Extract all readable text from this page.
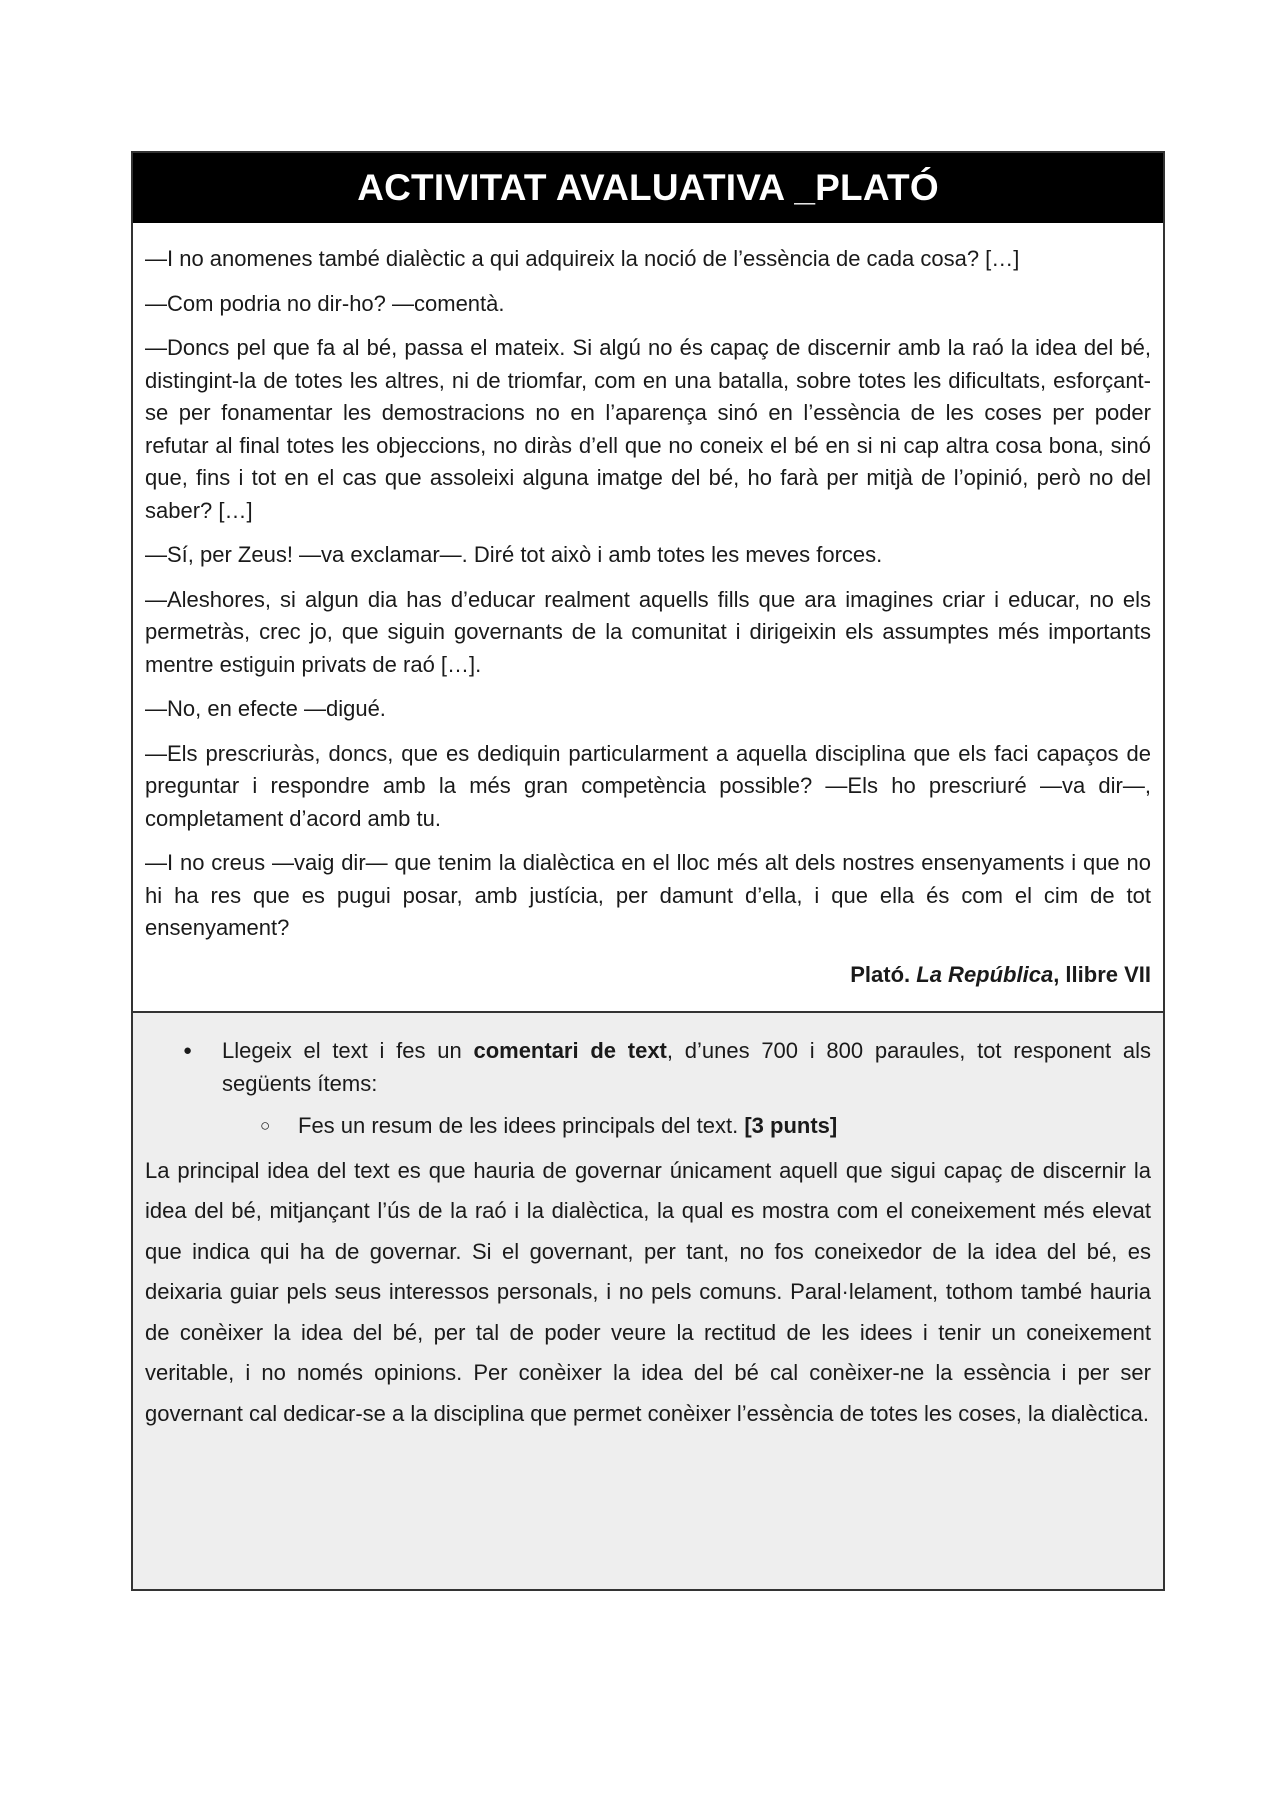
ACTIVITAT AVALUATIVA _PLATÓ

—I no anomenes també dialèctic a qui adquireix la noció de l’essència de cada cosa? […]

—Com podria no dir-ho? —comentà.

—Doncs pel que fa al bé, passa el mateix. Si algú no és capaç de discernir amb la raó la idea del bé, distingint-la de totes les altres, ni de triomfar, com en una batalla, sobre totes les dificultats, esforçant-se per fonamentar les demostracions no en l’aparença sinó en l’essència de les coses per poder refutar al final totes les objeccions, no diràs d’ell que no coneix el bé en si ni cap altra cosa bona, sinó que, fins i tot en el cas que assoleixi alguna imatge del bé, ho farà per mitjà de l’opinió, però no del saber? […]

—Sí, per Zeus! —va exclamar—. Diré tot això i amb totes les meves forces.

—Aleshores, si algun dia has d’educar realment aquells fills que ara imagines criar i educar, no els permetràs, crec jo, que siguin governants de la comunitat i dirigeixin els assumptes més importants mentre estiguin privats de raó […].

—No, en efecte —digué.

—Els prescriuràs, doncs, que es dediquin particularment a aquella disciplina que els faci capaços de preguntar i respondre amb la més gran competència possible? —Els ho prescriuré —va dir—, completament d’acord amb tu.

—I no creus —vaig dir— que tenim la dialèctica en el lloc més alt dels nostres ensenyaments i que no hi ha res que es pugui posar, amb justícia, per damunt d’ella, i que ella és com el cim de tot ensenyament?

Plató. La República, llibre VII
●	Llegeix el text i fes un comentari de text, d’unes 700 i 800 paraules, tot responent als següents ítems:
○	Fes un resum de les idees principals del text. [3 punts]

La principal idea del text es que hauria de governar únicament aquell que sigui capaç de discernir la idea del bé, mitjançant l’ús de la raó i la dialèctica, la qual es mostra com el coneixement més elevat que indica qui ha de governar. Si el governant, per tant, no fos coneixedor de la idea del bé, es deixaria guiar pels seus interessos personals, i no pels comuns. Paral·lelament, tothom també hauria de conèixer la idea del bé, per tal de poder veure la rectitud de les idees i tenir un coneixement veritable, i no només opinions. Per conèixer la idea del bé cal conèixer-ne la essència i per ser governant cal dedicar-se a la disciplina que permet conèixer l’essència de totes les coses, la dialèctica.
